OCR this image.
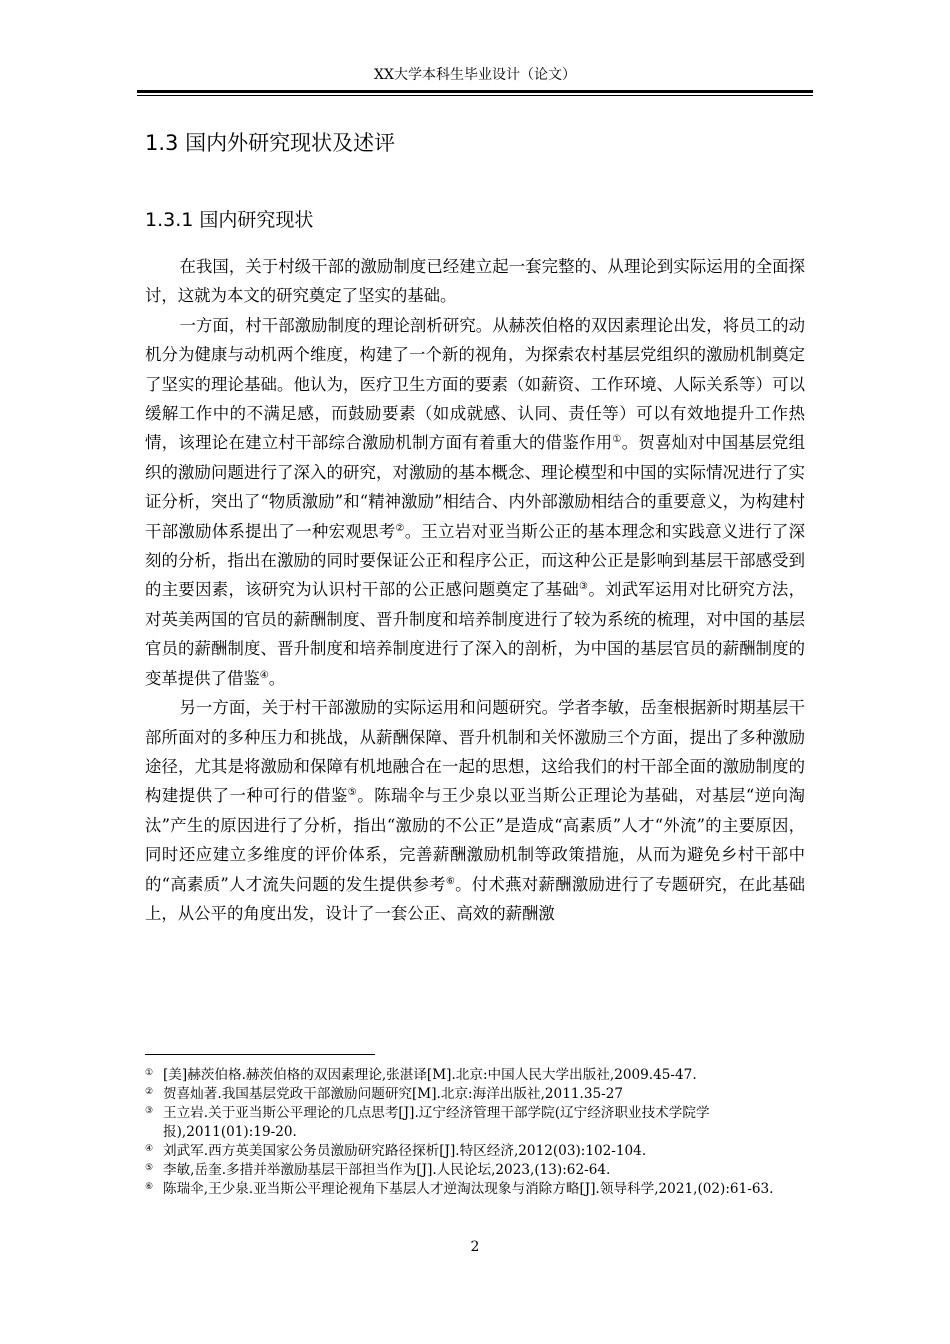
XX大学本科生毕业设计（论文）
1.3 国内外研究现状及述评
1.3.1 国内研究现状

在我国，关于村级干部的激励制度已经建立起一套完整的、从理论到实际运用的全面探讨，这就为本文的研究奠定了坚实的基础。

一方面，村干部激励制度的理论剖析研究。从赫茨伯格的双因素理论出发，将员工的动机分为健康与动机两个维度，构建了一个新的视角，为探索农村基层党组织的激励机制奠定了坚实的理论基础。他认为，医疗卫生方面的要素（如薪资、工作环境、人际关系等）可以缓解工作中的不满足感，而鼓励要素（如成就感、认同、责任等）可以有效地提升工作热情，该理论在建立村干部综合激励机制方面有着重大的借鉴作用①。贺喜灿对中国基层党组织的激励问题进行了深入的研究，对激励的基本概念、理论模型和中国的实际情况进行了实证分析，突出了“物质激励”和“精神激励”相结合、内外部激励相结合的重要意义，为构建村干部激励体系提出了一种宏观思考②。王立岩对亚当斯公正的基本理念和实践意义进行了深刻的分析，指出在激励的同时要保证公正和程序公正，而这种公正是影响到基层干部感受到的主要因素，该研究为认识村干部的公正感问题奠定了基础③。刘武军运用对比研究方法，对英美两国的官员的薪酬制度、晋升制度和培养制度进行了较为系统的梳理，对中国的基层官员的薪酬制度、晋升制度和培养制度进行了深入的剖析，为中国的基层官员的薪酬制度的变革提供了借鉴④。

另一方面，关于村干部激励的实际运用和问题研究。学者李敏，岳奎根据新时期基层干部所面对的多种压力和挑战，从薪酬保障、晋升机制和关怀激励三个方面，提出了多种激励途径，尤其是将激励和保障有机地融合在一起的思想，这给我们的村干部全面的激励制度的构建提供了一种可行的借鉴⑤。陈瑞伞与王少泉以亚当斯公正理论为基础，对基层“逆向淘汰”产生的原因进行了分析，指出“激励的不公正”是造成“高素质”人才“外流”的主要原因，同时还应建立多维度的评价体系，完善薪酬激励机制等政策措施，从而为避免乡村干部中的“高素质”人才流失问题的发生提供参考⑥。付术燕对薪酬激励进行了专题研究，在此基础上，从公平的角度出发，设计了一套公正、高效的薪酬激

① [美]赫茨伯格.赫茨伯格的双因素理论,张湛译[M].北京:中国人民大学出版社,2009.45-47.
② 贺喜灿著.我国基层党政干部激励问题研究[M].北京:海洋出版社,2011.35-27
③ 王立岩.关于亚当斯公平理论的几点思考[J].辽宁经济管理干部学院(辽宁经济职业技术学院学报),2011(01):19-20.
④ 刘武军.西方英美国家公务员激励研究路径探析[J].特区经济,2012(03):102-104.
⑤ 李敏,岳奎.多措并举激励基层干部担当作为[J].人民论坛,2023,(13):62-64.
⑥ 陈瑞伞,王少泉.亚当斯公平理论视角下基层人才逆淘汰现象与消除方略[J].领导科学,2021,(02):61-63.
2
